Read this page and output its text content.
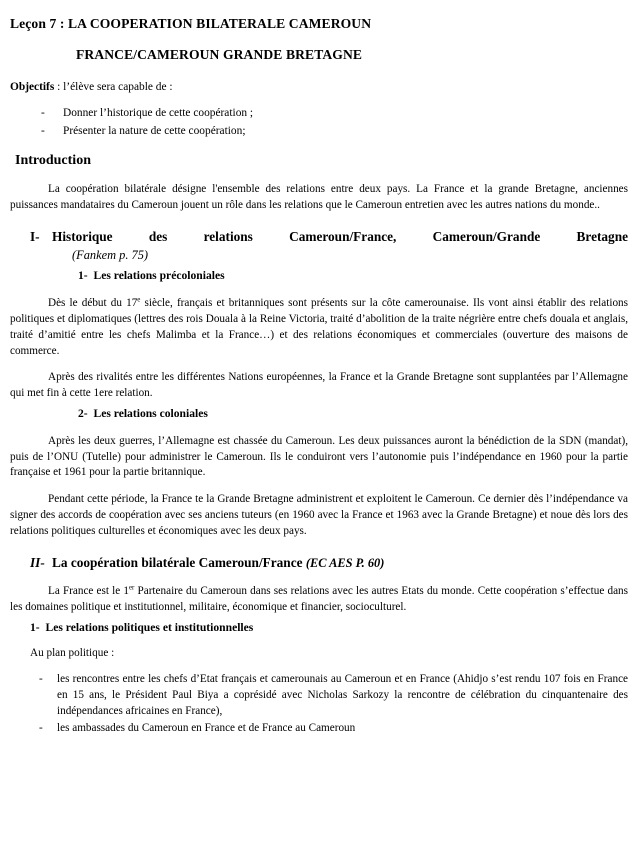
Leçon 7 : LA COOPERATION BILATERALE CAMEROUN
FRANCE/CAMEROUN GRANDE BRETAGNE
Objectifs : l’élève sera capable de :
- Donner l’historique de cette coopération ;
- Présenter la nature de cette coopération;
Introduction

La coopération bilatérale désigne l'ensemble des relations entre deux pays. La France et la grande Bretagne, anciennes puissances mandataires du Cameroun jouent un rôle dans les relations que le Cameroun entretien avec les autres nations du monde..

I- Historique des relations Cameroun/France, Cameroun/Grande Bretagne
(Fankem p. 75)
1- Les relations précoloniales

Dès le début du 17e siècle, français et britanniques sont présents sur la côte camerounaise. Ils vont ainsi établir des relations politiques et diplomatiques (lettres des rois Douala à la Reine Victoria, traité d’abolition de la traite négrière entre chefs douala et anglais, traité d’amitié entre les chefs Malimba et la France…) et des relations économiques et commerciales (ouverture des maisons de commerce.

Après des rivalités entre les différentes Nations européennes, la France et la Grande Bretagne sont supplantées par l’Allemagne qui met fin à cette 1ere relation.

2- Les relations coloniales

Après les deux guerres, l’Allemagne est chassée du Cameroun. Les deux puissances auront la bénédiction de la SDN (mandat), puis de l’ONU (Tutelle) pour administrer le Cameroun. Ils le conduiront vers l’autonomie puis l’indépendance en 1960 pour la partie française et 1961 pour la partie britannique.

Pendant cette période, la France te la Grande Bretagne administrent et exploitent le Cameroun. Ce dernier dès l’indépendance va signer des accords de coopération avec ses anciens tuteurs (en 1960 avec la France et 1963 avec la Grande Bretagne) et noue dès lors des relations politiques culturelles et économiques avec les deux pays.

II- La coopération bilatérale Cameroun/France (EC AES P. 60)

La France est le 1er Partenaire du Cameroun dans ses relations avec les autres Etats du monde. Cette coopération s’effectue dans les domaines politique et institutionnel, militaire, économique et financier, socioculturel.

1- Les relations politiques et institutionnelles

Au plan politique :

- les rencontres entre les chefs d’Etat français et camerounais au Cameroun et en France (Ahidjo s’est rendu 107 fois en France en 15 ans, le Président Paul Biya a coprésidé avec Nicholas Sarkozy la rencontre de célébration du cinquantenaire des indépendances africaines en France),
- les ambassades du Cameroun en France et de France au Cameroun
